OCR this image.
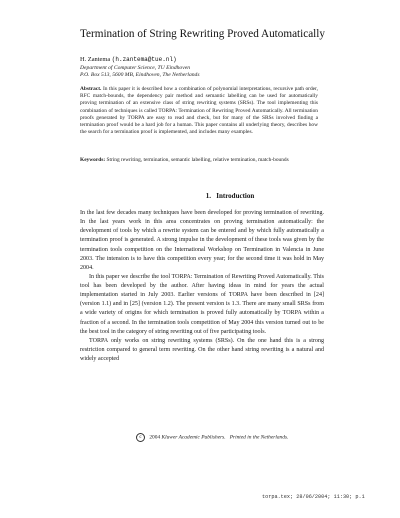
Termination of String Rewriting Proved Automatically
H. Zantema (h.zantema@tue.nl)
Department of Computer Science, TU Eindhoven
P.O. Box 513, 5600 MB, Eindhoven, The Netherlands
Abstract. In this paper it is described how a combination of polynomial interpretations, recursive path order, RFC match-bounds, the dependency pair method and semantic labelling can be used for automatically proving termination of an extensive class of string rewriting systems (SRSs). The tool implementing this combination of techniques is called TORPA: Termination of Rewriting Proved Automatically. All termination proofs generated by TORPA are easy to read and check, but for many of the SRSs involved finding a termination proof would be a hard job for a human. This paper contains all underlying theory, describes how the search for a termination proof is implemented, and includes many examples.
Keywords: String rewriting, termination, semantic labelling, relative termination, match-bounds
1. Introduction

In the last few decades many techniques have been developed for proving termination of rewriting. In the last years work in this area concentrates on proving termination automatically: the development of tools by which a rewrite system can be entered and by which fully automatically a termination proof is generated. A strong impulse in the development of these tools was given by the termination tools competition on the International Workshop on Termination in Valencia in June 2003. The intension is to have this competition every year; for the second time it was hold in May 2004.

In this paper we describe the tool TORPA: Termination of Rewriting Proved Automatically. This tool has been developed by the author. After having ideas in mind for years the actual implementation started in July 2003. Earlier versions of TORPA have been described in [24] (version 1.1) and in [25] (version 1.2). The present version is 1.3. There are many small SRSs from a wide variety of origins for which termination is proved fully automatically by TORPA within a fraction of a second. In the termination tools competition of May 2004 this version turned out to be the best tool in the category of string rewriting out of five participating tools.

TORPA only works on string rewriting systems (SRSs). On the one hand this is a strong restriction compared to general term rewriting. On the other hand string rewriting is a natural and widely accepted

c 2004 Kluwer Academic Publishers. Printed in the Netherlands.
torpa.tex; 28/06/2004; 11:30; p.1
